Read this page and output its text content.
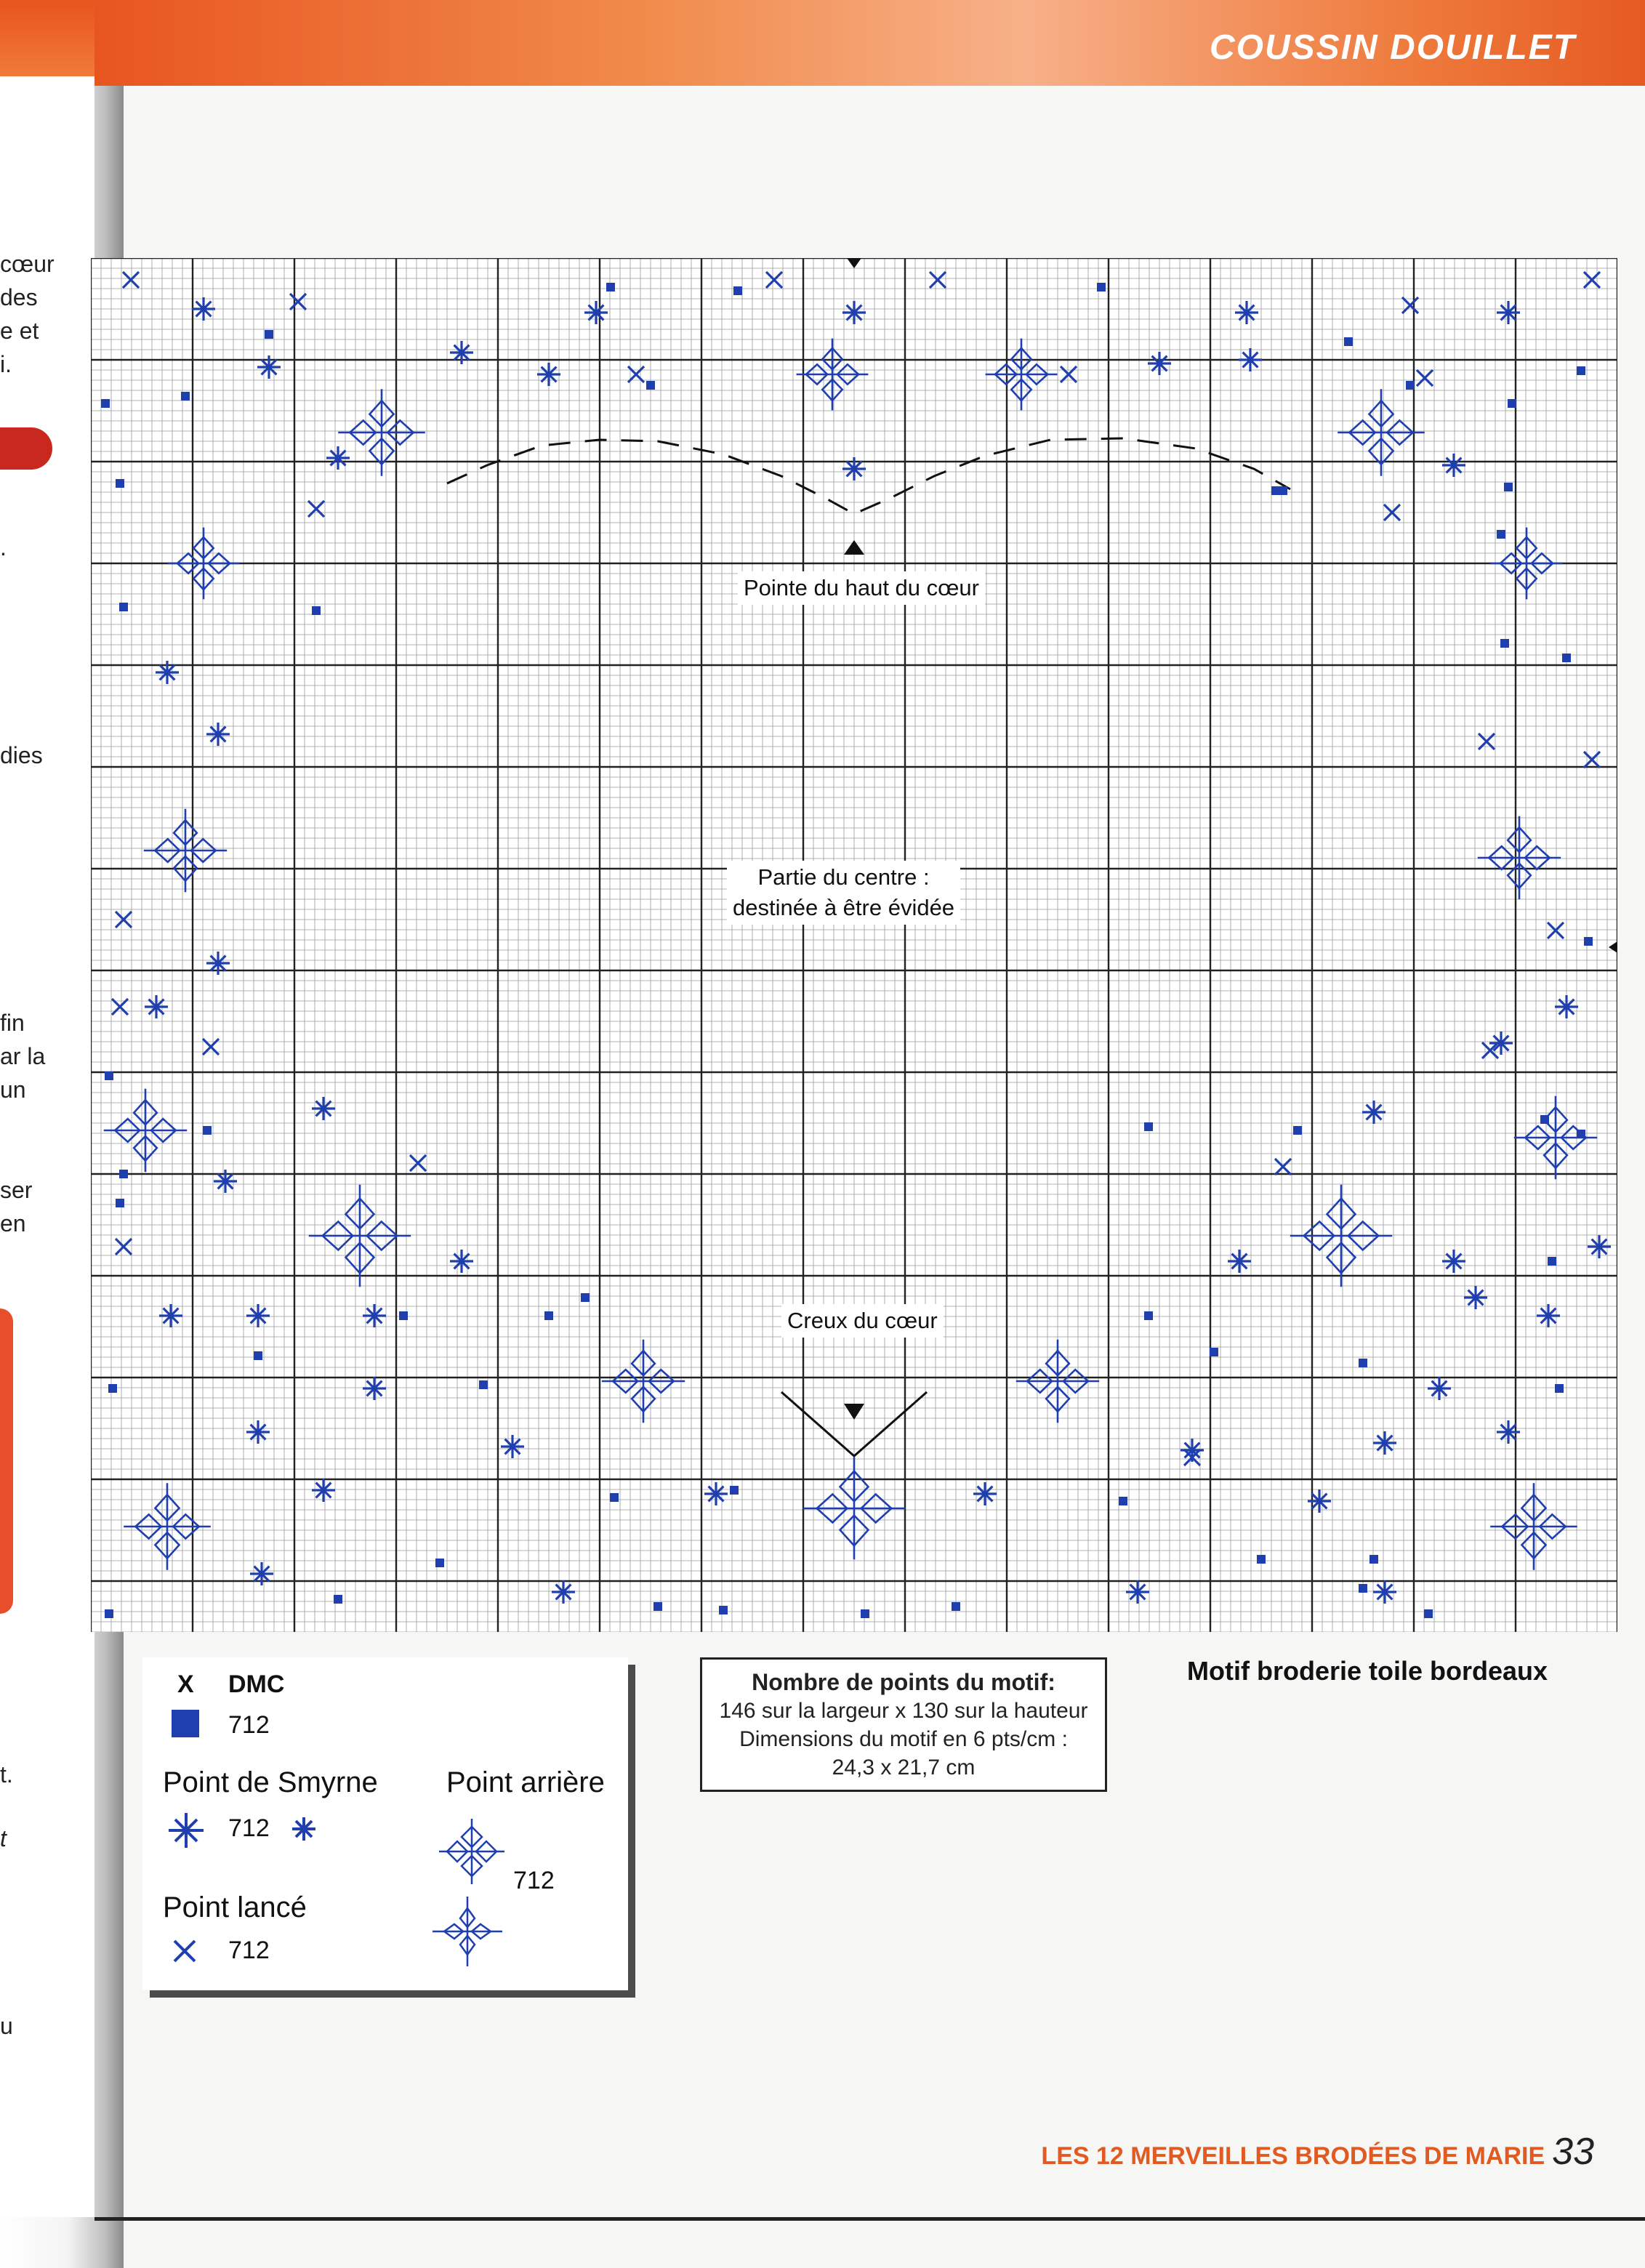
COUSSIN DOUILLET
cœur
des
e et
i.
.
dies
fin
ar la
un
ser
en
t.
t
u
Pointe du haut du cœur
Partie du centre :
destinée à être évidée
Creux du cœur
X DMC
712
Point de Smyrne
712
Point lancé
712
Point arrière
712
Nombre de points du motif:
146 sur la largeur x 130 sur la hauteur
Dimensions du motif en 6 pts/cm :
24,3 x 21,7 cm
Motif broderie toile bordeaux
LES 12 MERVEILLES BRODÉES DE MARIE 33
